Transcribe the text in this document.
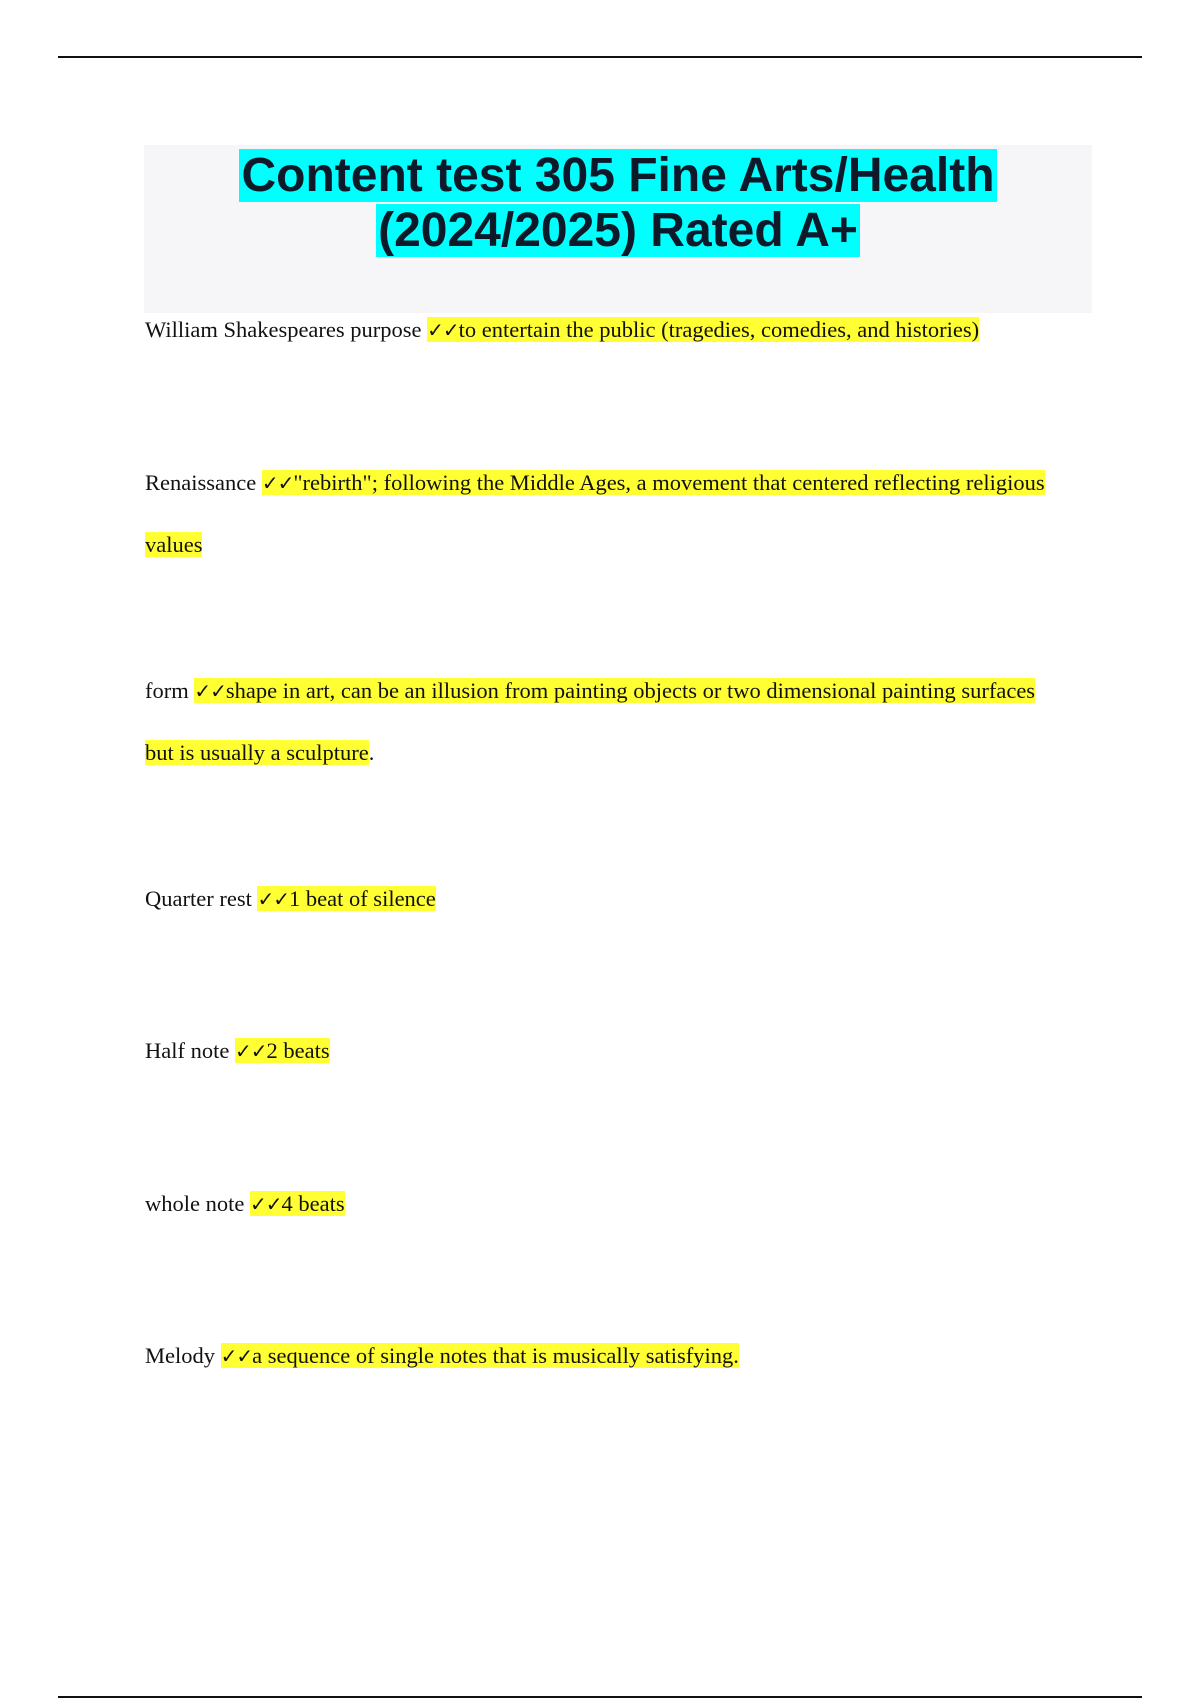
Content test 305 Fine Arts/Health
(2024/2025) Rated A+

William Shakespeares purpose ✓✓to entertain the public (tragedies, comedies, and histories)

Renaissance ✓✓"rebirth"; following the Middle Ages, a movement that centered reflecting religious values

form ✓✓shape in art, can be an illusion from painting objects or two dimensional painting surfaces but is usually a sculpture.

Quarter rest ✓✓1 beat of silence

Half note ✓✓2 beats

whole note ✓✓4 beats

Melody ✓✓a sequence of single notes that is musically satisfying.
